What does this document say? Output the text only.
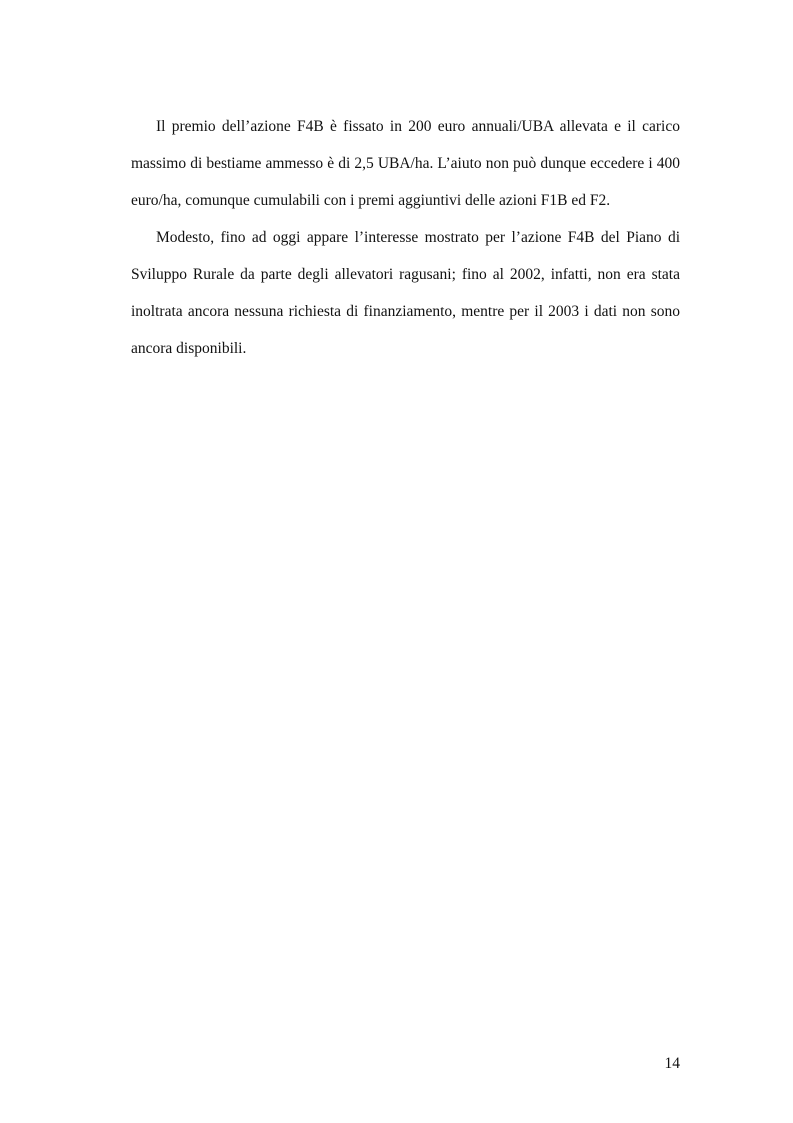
Il premio dell’azione F4B è fissato in 200 euro annuali/UBA allevata e il carico massimo di bestiame ammesso è di 2,5 UBA/ha. L’aiuto non può dunque eccedere i 400 euro/ha, comunque cumulabili con i premi aggiuntivi delle azioni F1B ed F2.

Modesto, fino ad oggi appare l’interesse mostrato per l’azione F4B del Piano di Sviluppo Rurale da parte degli allevatori ragusani; fino al 2002, infatti, non era stata inoltrata ancora nessuna richiesta di finanziamento, mentre per il 2003 i dati non sono ancora disponibili.

14
